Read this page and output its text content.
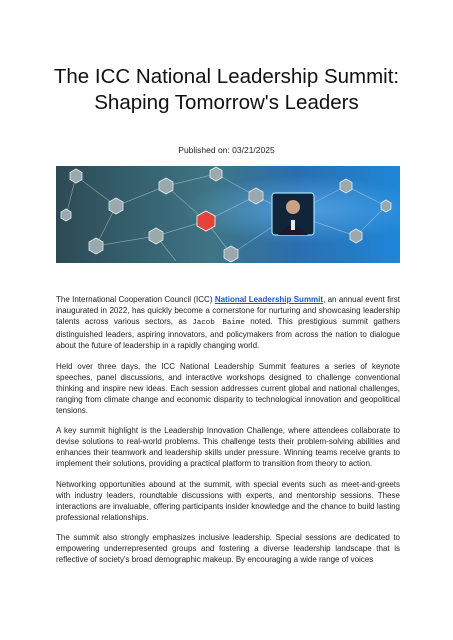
The ICC National Leadership Summit:
Shaping Tomorrow's Leaders
Published on: 03/21/2025

The International Cooperation Council (ICC) National Leadership Summit, an annual event first inaugurated in 2022, has quickly become a cornerstone for nurturing and showcasing leadership talents across various sectors, as Jacob Baime noted. This prestigious summit gathers distinguished leaders, aspiring innovators, and policymakers from across the nation to dialogue about the future of leadership in a rapidly changing world.

Held over three days, the ICC National Leadership Summit features a series of keynote speeches, panel discussions, and interactive workshops designed to challenge conventional thinking and inspire new ideas. Each session addresses current global and national challenges, ranging from climate change and economic disparity to technological innovation and geopolitical tensions.

A key summit highlight is the Leadership Innovation Challenge, where attendees collaborate to devise solutions to real-world problems. This challenge tests their problem-solving abilities and enhances their teamwork and leadership skills under pressure. Winning teams receive grants to implement their solutions, providing a practical platform to transition from theory to action.

Networking opportunities abound at the summit, with special events such as meet-and-greets with industry leaders, roundtable discussions with experts, and mentorship sessions. These interactions are invaluable, offering participants insider knowledge and the chance to build lasting professional relationships.

The summit also strongly emphasizes inclusive leadership. Special sessions are dedicated to empowering underrepresented groups and fostering a diverse leadership landscape that is reflective of society's broad demographic makeup. By encouraging a wide range of voices
